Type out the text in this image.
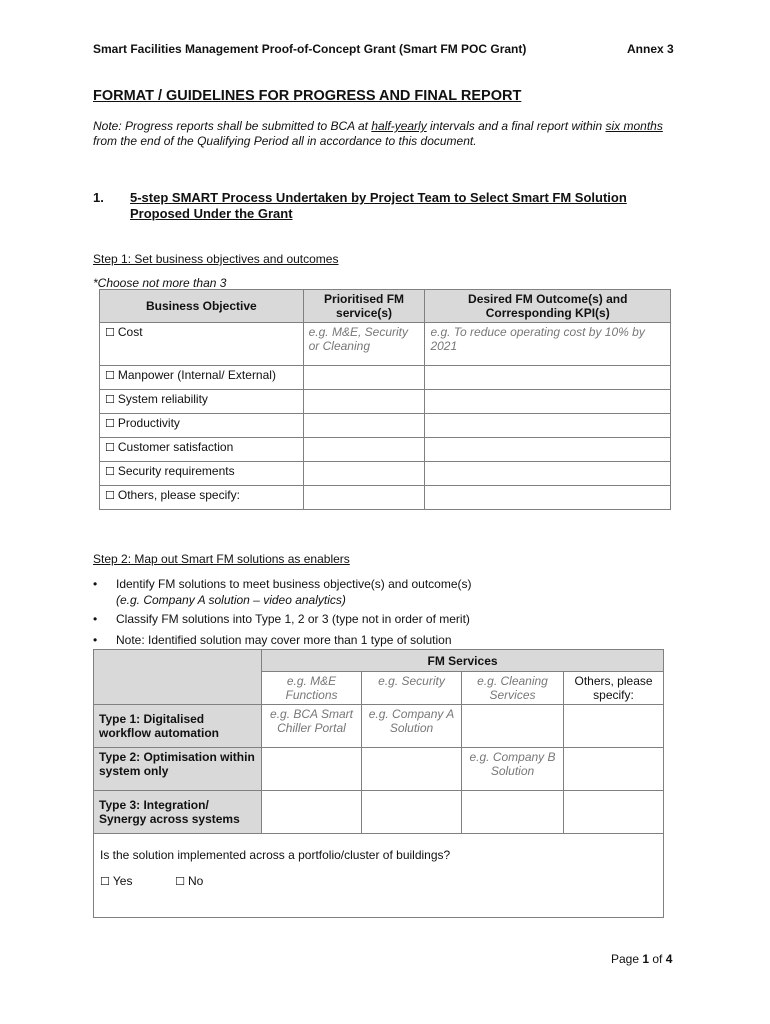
Smart Facilities Management Proof-of-Concept Grant (Smart FM POC Grant)	Annex 3
FORMAT / GUIDELINES FOR PROGRESS AND FINAL REPORT
Note: Progress reports shall be submitted to BCA at half-yearly intervals and a final report within six months from the end of the Qualifying Period all in accordance to this document.
1. 5-step SMART Process Undertaken by Project Team to Select Smart FM Solution Proposed Under the Grant
Step 1: Set business objectives and outcomes
*Choose not more than 3
Business Objective	Prioritised FM service(s)	Desired FM Outcome(s) and Corresponding KPI(s)
☐ Cost	e.g. M&E, Security or Cleaning	e.g. To reduce operating cost by 10% by 2021
☐ Manpower (Internal/ External)		
☐ System reliability		
☐ Productivity		
☐ Customer satisfaction		
☐ Security requirements		
☐ Others, please specify:		
Step 2: Map out Smart FM solutions as enablers
• Identify FM solutions to meet business objective(s) and outcome(s)
(e.g. Company A solution – video analytics)
• Classify FM solutions into Type 1, 2 or 3 (type not in order of merit)
• Note: Identified solution may cover more than 1 type of solution
	FM Services			
	e.g. M&E Functions	e.g. Security	e.g. Cleaning Services	Others, please specify:
Type 1: Digitalised workflow automation	e.g. BCA Smart Chiller Portal	e.g. Company A Solution		
Type 2: Optimisation within system only			e.g. Company B Solution	
Type 3: Integration/ Synergy across systems				

Is the solution implemented across a portfolio/cluster of buildings?
☐ Yes ☐ No				
Page 1 of 4
